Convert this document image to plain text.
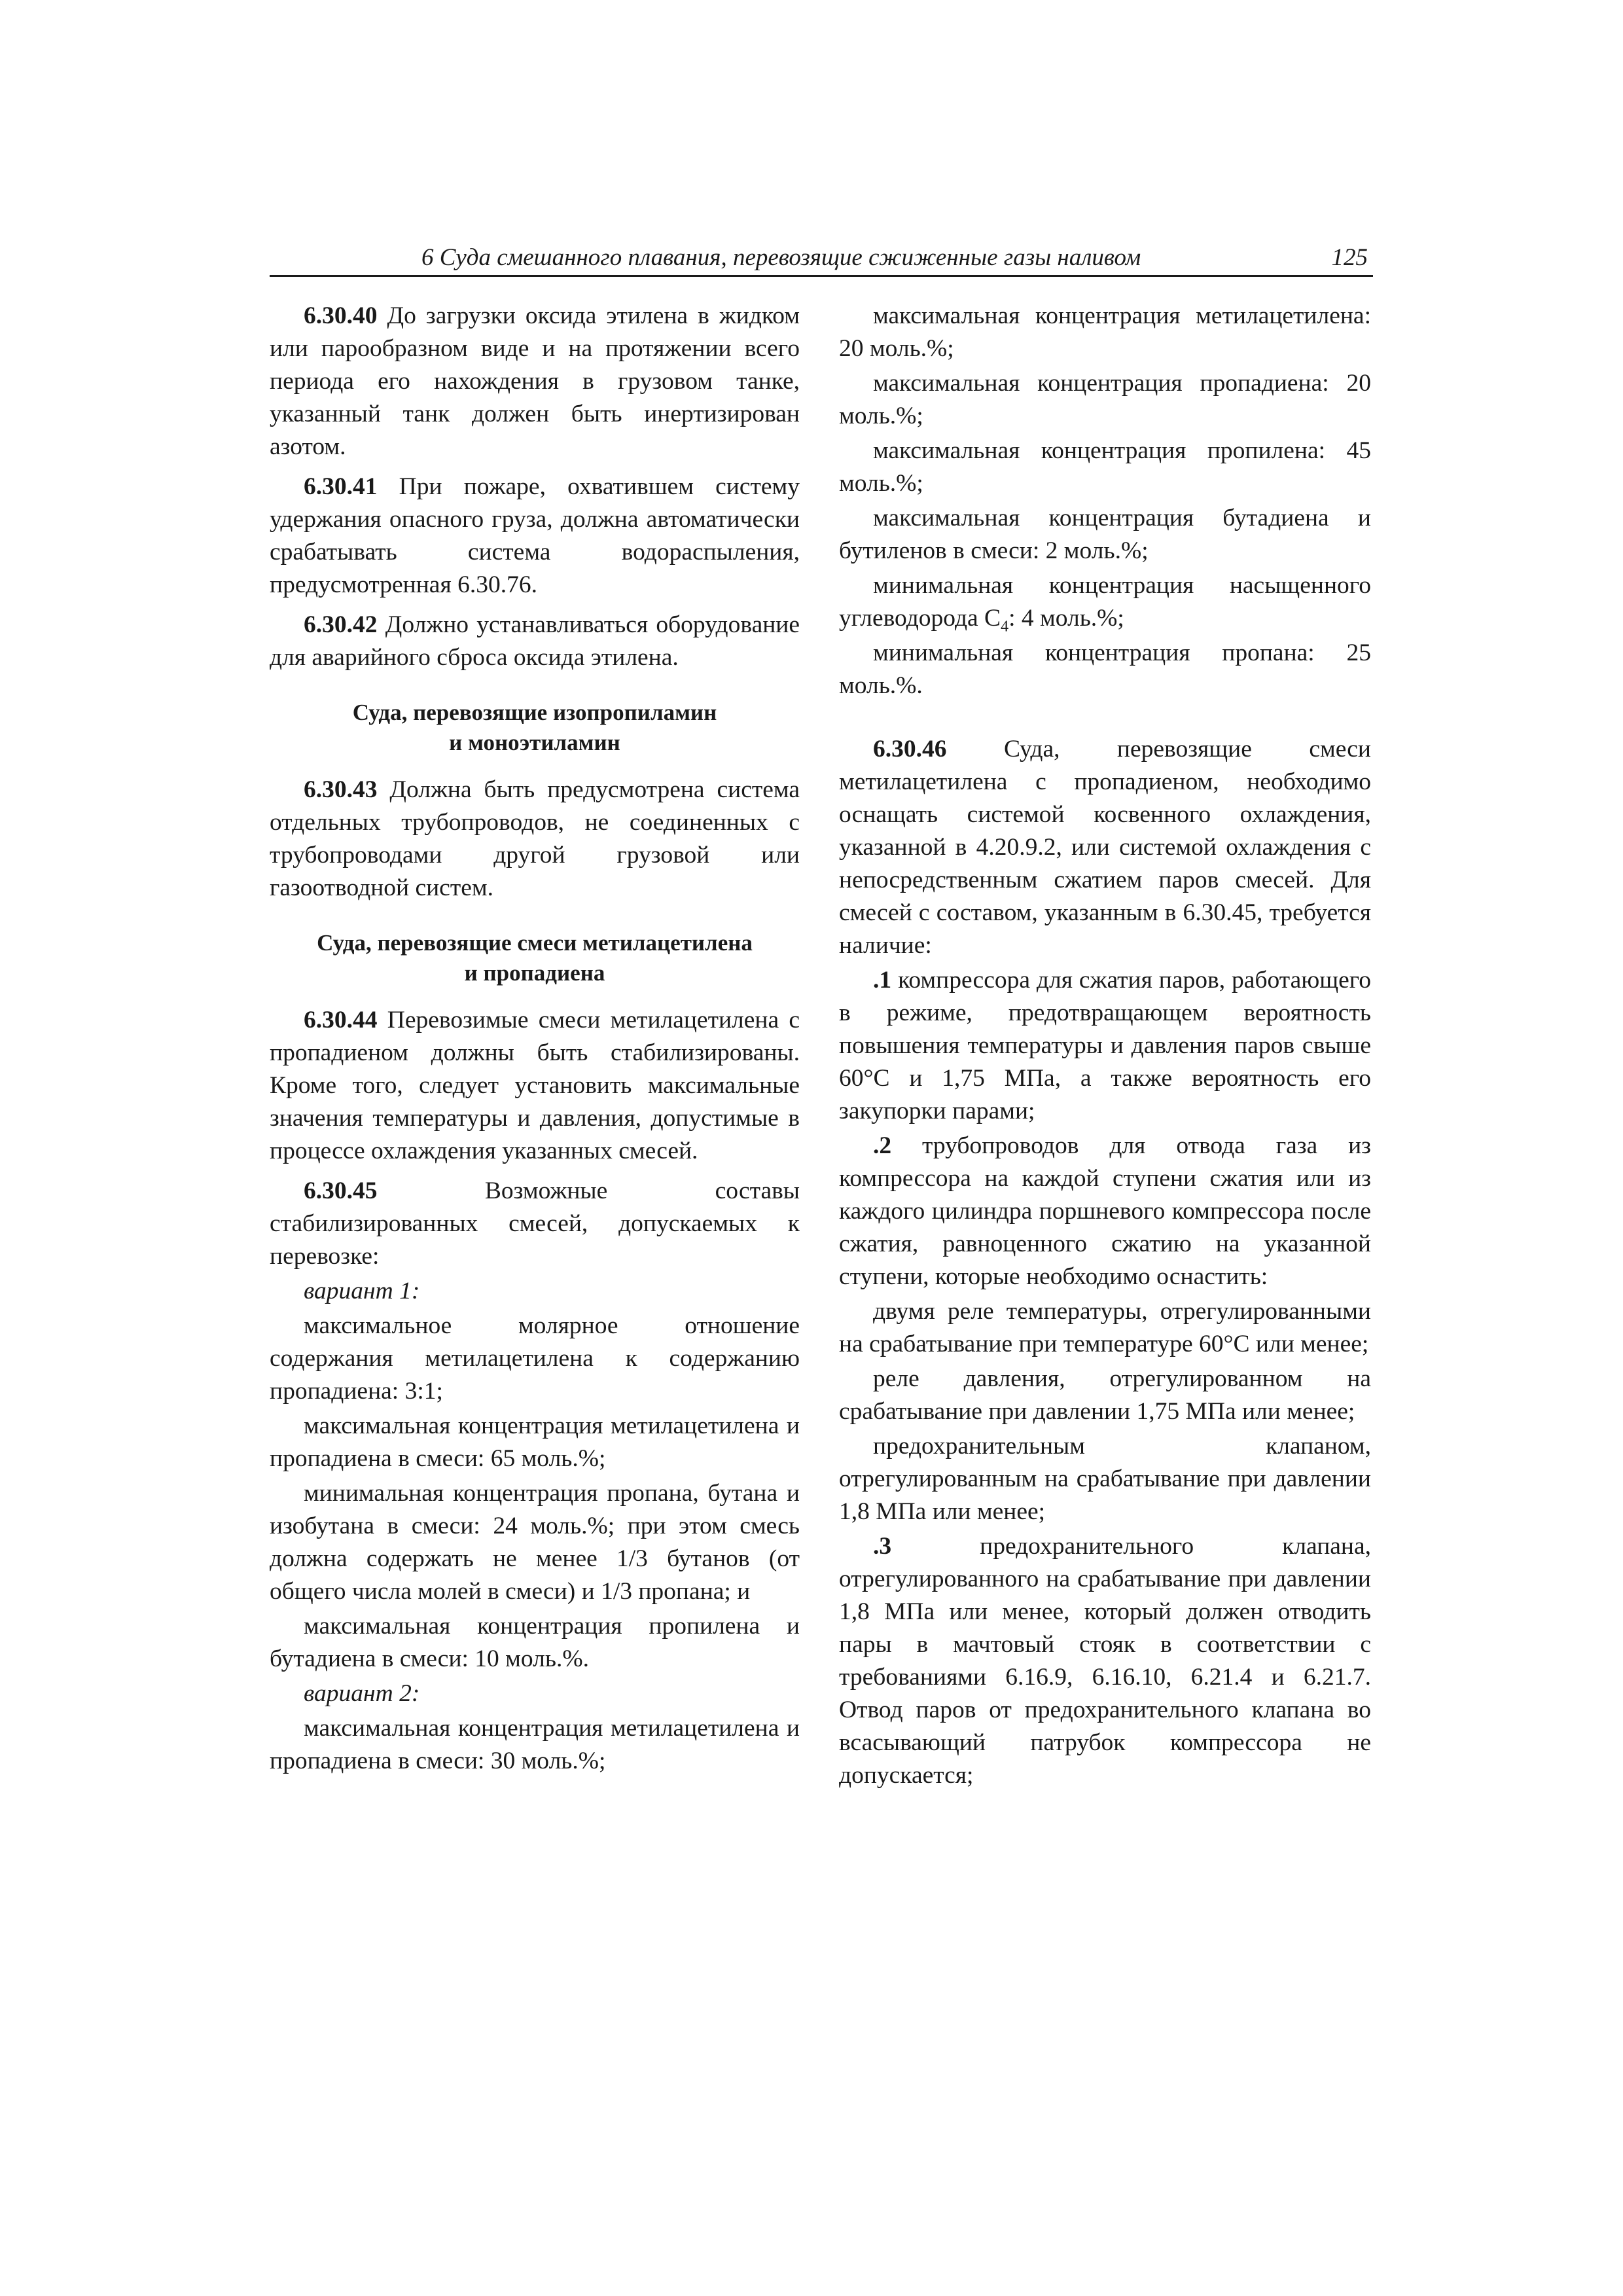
6 Суда смешанного плавания, перевозящие сжиженные газы наливом	125

6.30.40 До загрузки оксида этилена в жидком или парообразном виде и на протяжении всего периода его нахождения в грузовом танке, указанный танк должен быть инертизирован азотом.

6.30.41 При пожаре, охватившем систему удержания опасного груза, должна автоматически срабатывать система водораспыления, предусмотренная 6.30.76.

6.30.42 Должно устанавливаться оборудование для аварийного сброса оксида этилена.

Суда, перевозящие изопропиламин
и моноэтиламин

6.30.43 Должна быть предусмотрена система отдельных трубопроводов, не соединенных с трубопроводами другой грузовой или газоотводной систем.

Суда, перевозящие смеси метилацетилена
и пропадиена

6.30.44 Перевозимые смеси метилацетилена с пропадиеном должны быть стабилизированы. Кроме того, следует установить максимальные значения температуры и давления, допустимые в процессе охлаждения указанных смесей.

6.30.45	Возможные составы стабилизированных смесей, допускаемых к перевозке:

вариант 1:

максимальное молярное отношение содержания метилацетилена к содержанию пропадиена: 3:1;

максимальная концентрация метилацетилена и пропадиена в смеси: 65 моль.%;

минимальная концентрация пропана, бутана и изобутана в смеси: 24 моль.%; при этом смесь должна содержать не менее 1/3 бутанов (от общего числа молей в смеси) и 1/3 пропана; и

максимальная концентрация пропилена и бутадиена в смеси: 10 моль.%.

вариант 2:

максимальная концентрация метилацетилена и пропадиена в смеси: 30 моль.%;

максимальная концентрация метилацетилена: 20 моль.%;

максимальная концентрация пропадиена: 20 моль.%;

максимальная концентрация пропилена: 45 моль.%;

максимальная концентрация бутадиена и бутиленов в смеси: 2 моль.%;

минимальная концентрация насыщенного углеводорода $С_4$: 4 моль.%;

минимальная концентрация пропана: 25 моль.%.

6.30.46 Суда, перевозящие смеси метилацетилена с пропадиеном, необходимо оснащать системой косвенного охлаждения, указанной в 4.20.9.2, или системой охлаждения с непосредственным сжатием паров смесей. Для смесей с составом, указанным в 6.30.45, требуется наличие:

.1 компрессора для сжатия паров, работающего в режиме, предотвращающем вероятность повышения температуры и давления паров свыше 60°С и 1,75 МПа, а также вероятность его закупорки парами;

.2 трубопроводов для отвода газа из компрессора на каждой ступени сжатия или из каждого цилиндра поршневого компрессора после сжатия, равноценного сжатию на указанной ступени, которые необходимо оснастить:

двумя реле температуры, отрегулированными на срабатывание при температуре 60°С или менее;

реле давления, отрегулированном на срабатывание при давлении 1,75 МПа или менее;

предохранительным клапаном, отрегулированным на срабатывание при давлении 1,8 МПа или менее;

.3	предохранительного клапана, отрегулированного на срабатывание при давлении 1,8 МПа или менее, который должен отводить пары в мачтовый стояк в соответствии с требованиями 6.16.9, 6.16.10, 6.21.4 и 6.21.7. Отвод паров от предохранительного клапана во всасывающий патрубок компрессора не допускается;
